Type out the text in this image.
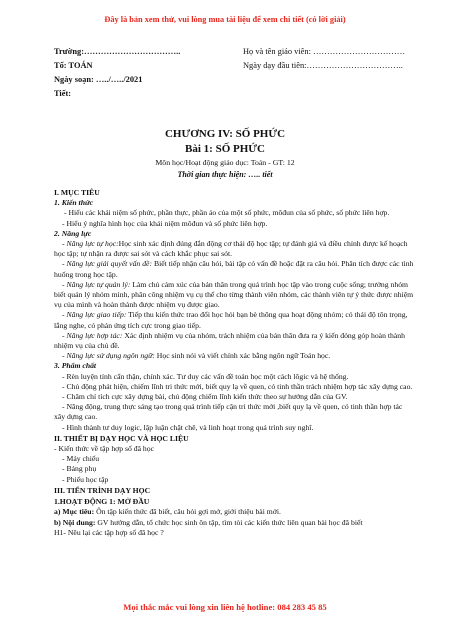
Đây là bản xem thử, vui lòng mua tài liệu để xem chi tiết (có lời giải)
Trường:……………………………..	Họ và tên giáo viên: ……………………………
Tổ: TOÁN	Ngày dạy đầu tiên:……………………………..
Ngày soạn: …../…../2021
Tiết:
CHƯƠNG IV: SỐ PHỨC
Bài 1: SỐ PHỨC
Môn học/Hoạt động giáo dục: Toán - GT: 12
Thời gian thực hiện: ….. tiết

I. MỤC TIÊU

1. Kiến thức

- Hiểu các khái niệm số phức, phần thực, phần ảo của một số phức, môđun của số phức, số phức liên hợp.

- Hiểu ý nghĩa hình học của khái niệm môđun và số phức liên hợp.

2. Năng lực

- Năng lực tự học:Học sinh xác định đúng đắn động cơ thái độ học tập; tự đánh giá và điều chỉnh được kế hoạch học tập; tự nhận ra được sai sót và cách khắc phục sai sót.

- Năng lực giải quyết vấn đề: Biết tiếp nhận câu hỏi, bài tập có vấn đề hoặc đặt ra câu hỏi. Phân tích được các tình huống trong học tập.

- Năng lực tự quản lý: Làm chủ cảm xúc của bản thân trong quá trình học tập vào trong cuộc sống; trưởng nhóm biết quản lý nhóm mình, phân công nhiệm vụ cụ thể cho từng thành viên nhóm, các thành viên tự ý thức được nhiệm vụ của mình và hoàn thành được nhiệm vụ được giao.

- Năng lực giao tiếp: Tiếp thu kiến thức trao đổi học hỏi bạn bè thông qua hoạt động nhóm; có thái độ tôn trọng, lắng nghe, có phản ứng tích cực trong giao tiếp.

- Năng lực hợp tác: Xác định nhiệm vụ của nhóm, trách nhiệm của bản thân đưa ra ý kiến đóng góp hoàn thành nhiệm vụ của chủ đề.

- Năng lực sử dụng ngôn ngữ: Học sinh nói và viết chính xác bằng ngôn ngữ Toán học.

3. Phẩm chất

- Rèn luyện tính cẩn thận, chính xác. Tư duy các vấn đề toán học một cách lôgic và hệ thống.

- Chủ động phát hiện, chiếm lĩnh tri thức mới, biết quy lạ về quen, có tinh thần trách nhiệm hợp tác xây dựng cao.

- Chăm chỉ tích cực xây dựng bài, chủ động chiếm lĩnh kiến thức theo sự hướng dẫn của GV.

- Năng động, trung thực sáng tạo trong quá trình tiếp cận tri thức mới ,biết quy lạ về quen, có tinh thần hợp tác xây dựng cao.

- Hình thành tư duy logic, lập luận chặt chẽ, và linh hoạt trong quá trình suy nghĩ.

II. THIẾT BỊ DẠY HỌC VÀ HỌC LIỆU

- Kiến thức về tập hợp số đã học

- Máy chiếu

- Bảng phụ

- Phiếu học tập

III. TIẾN TRÌNH DẠY HỌC

1.HOẠT ĐỘNG 1: MỞ ĐẦU

a) Mục tiêu: Ôn tập kiến thức đã biết, câu hỏi gợi mở, giới thiệu bài mới.

b) Nội dung: GV hướng dẫn, tổ chức học sinh ôn tập, tìm tòi các kiến thức liên quan bài học đã biết

H1- Nêu lại các tập hợp số đã học ?

Mọi thắc mắc vui lòng xin liên hệ hotline: 084 283 45 85
